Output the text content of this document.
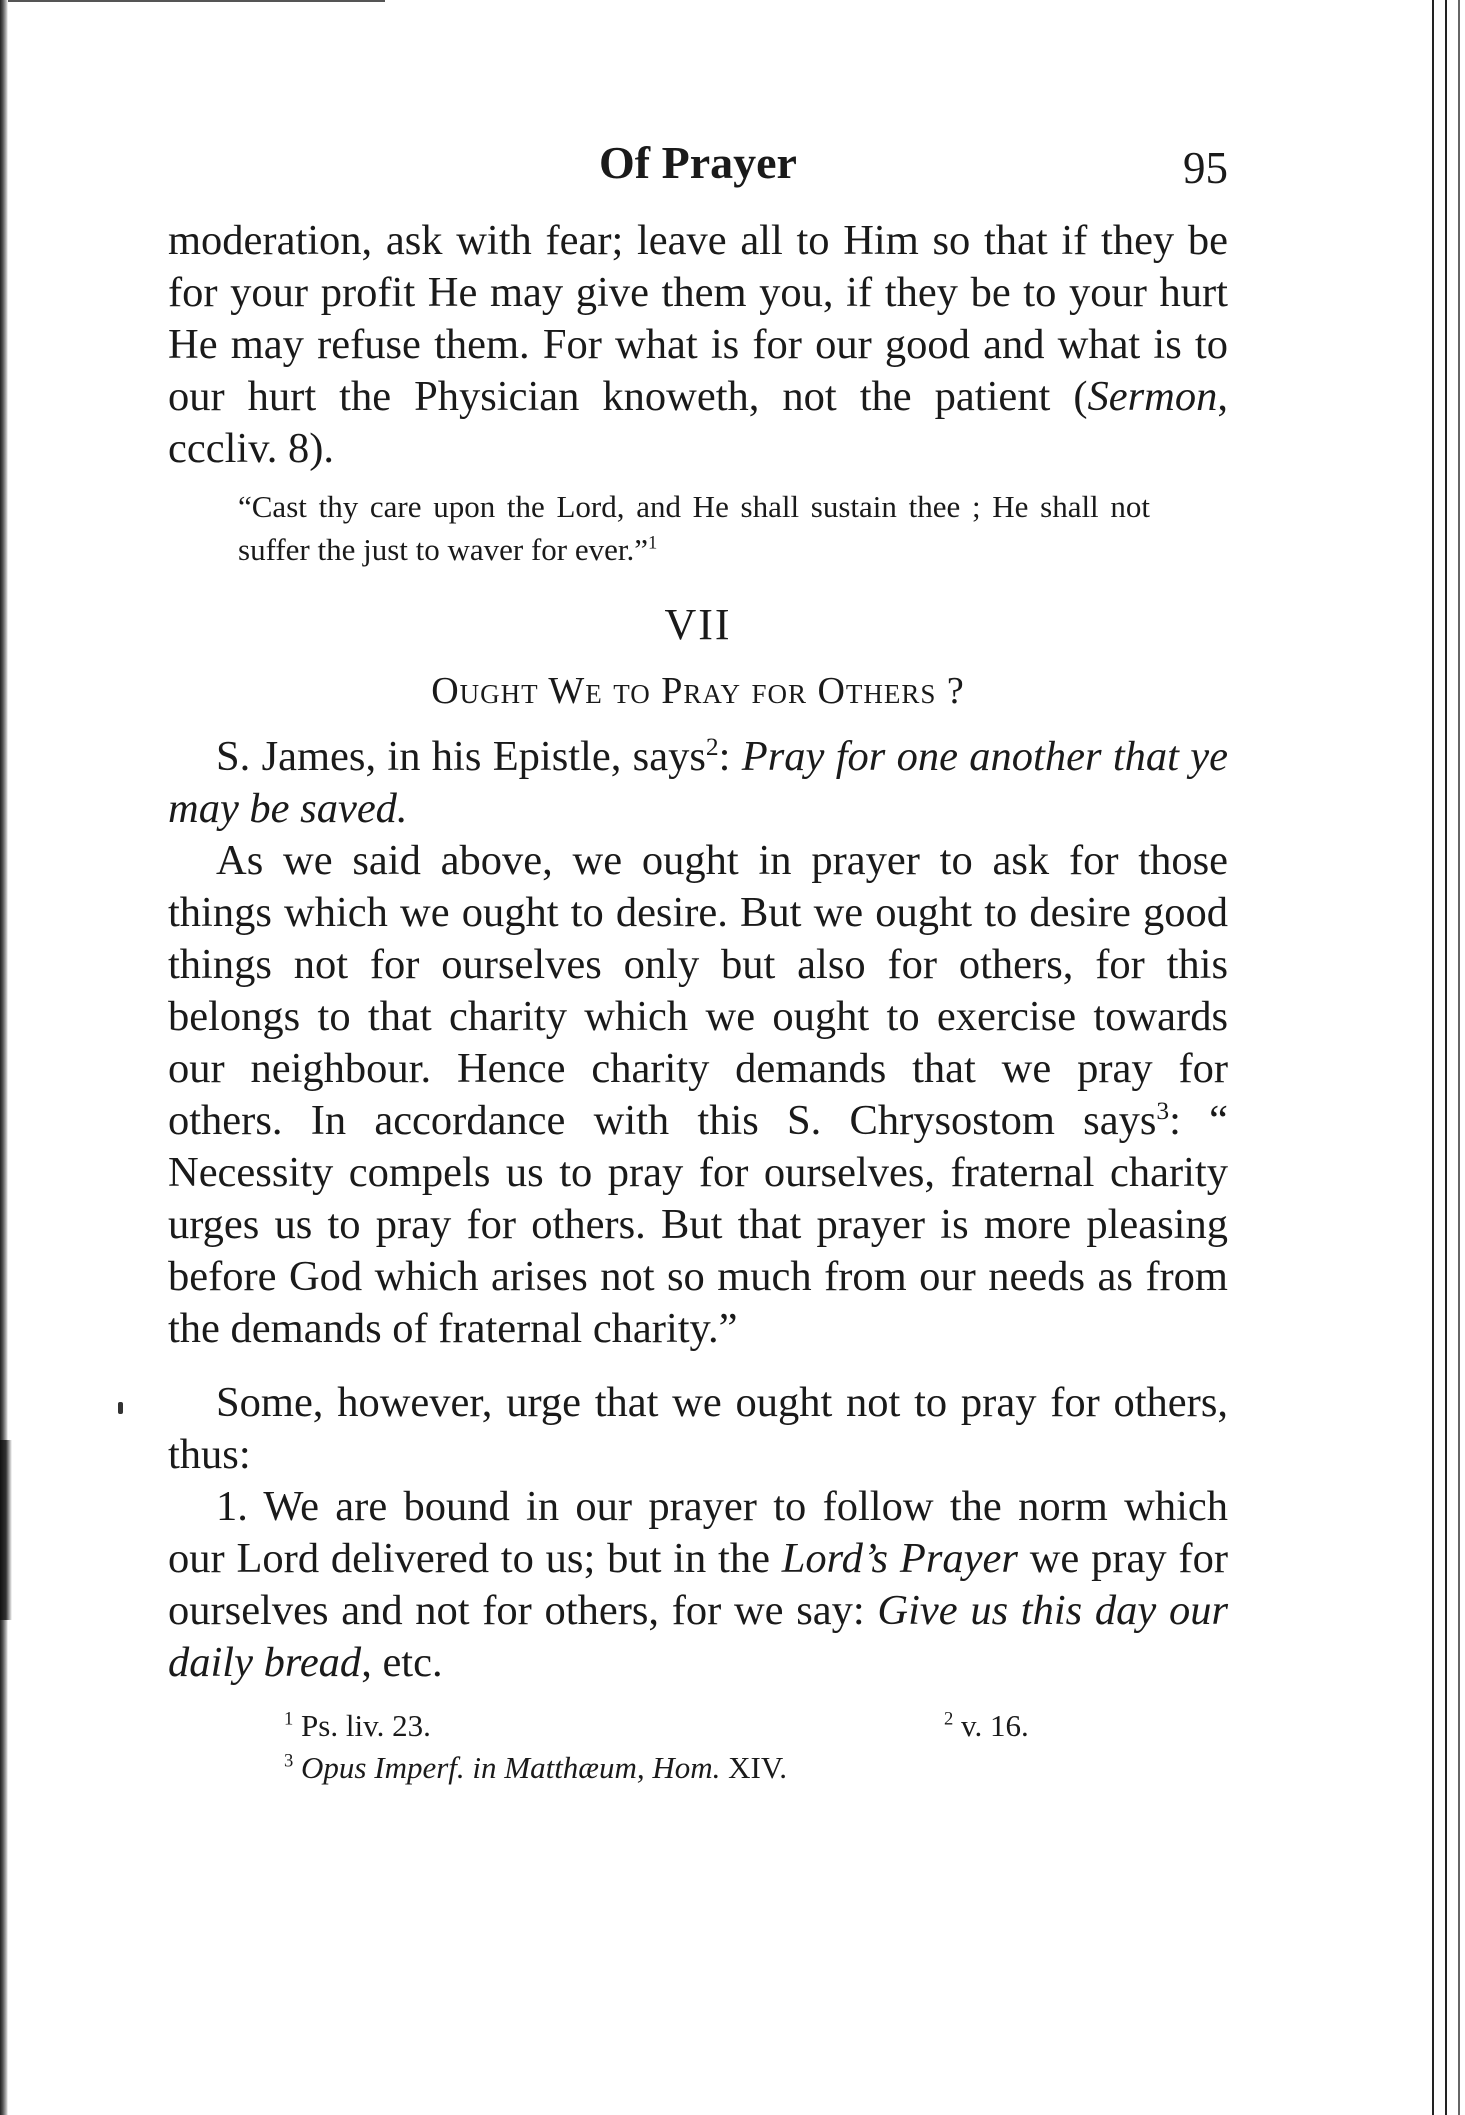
Of Prayer	95

moderation, ask with fear; leave all to Him so that if they be for your profit He may give them you, if they be to your hurt He may refuse them. For what is for our good and what is to our hurt the Physician knoweth, not the patient (Sermon, cccliv. 8).

“Cast thy care upon the Lord, and He shall sustain thee ; He shall not suffer the just to waver for ever.”$^1$

VII

Ought We to Pray for Others ?

S. James, in his Epistle, says$^2$: Pray for one another that ye may be saved.

As we said above, we ought in prayer to ask for those things which we ought to desire. But we ought to desire good things not for ourselves only but also for others, for this belongs to that charity which we ought to exercise towards our neighbour. Hence charity demands that we pray for others. In accordance with this S. Chrysostom says$^3$: “ Necessity compels us to pray for ourselves, fraternal charity urges us to pray for others. But that prayer is more pleasing before God which arises not so much from our needs as from the demands of fraternal charity.”

Some, however, urge that we ought not to pray for others, thus:

1. We are bound in our prayer to follow the norm which our Lord delivered to us; but in the Lord’s Prayer we pray for ourselves and not for others, for we say: Give us this day our daily bread, etc.

$^1$ Ps. liv. 23.	$^2$ v. 16.
$^3$ Opus Imperf. in Matthæum, Hom. XIV.
